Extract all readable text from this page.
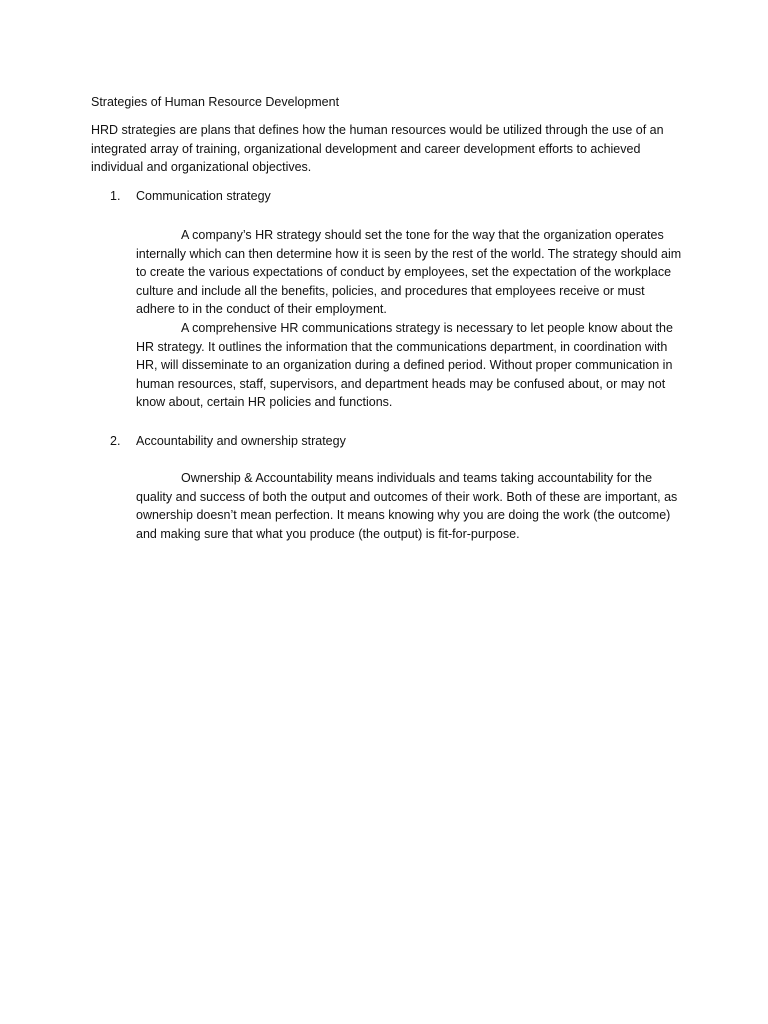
Strategies of Human Resource Development

HRD strategies are plans that defines how the human resources would be utilized through the use of an integrated array of training, organizational development and career development efforts to achieved individual and organizational objectives.

1. Communication strategy

A company’s HR strategy should set the tone for the way that the organization operates internally which can then determine how it is seen by the rest of the world. The strategy should aim to create the various expectations of conduct by employees, set the expectation of the workplace culture and include all the benefits, policies, and procedures that employees receive or must adhere to in the conduct of their employment.

A comprehensive HR communications strategy is necessary to let people know about the HR strategy. It outlines the information that the communications department, in coordination with HR, will disseminate to an organization during a defined period. Without proper communication in human resources, staff, supervisors, and department heads may be confused about, or may not know about, certain HR policies and functions.

2. Accountability and ownership strategy

Ownership & Accountability means individuals and teams taking accountability for the quality and success of both the output and outcomes of their work. Both of these are important, as ownership doesn’t mean perfection. It means knowing why you are doing the work (the outcome) and making sure that what you produce (the output) is fit-for-purpose.
